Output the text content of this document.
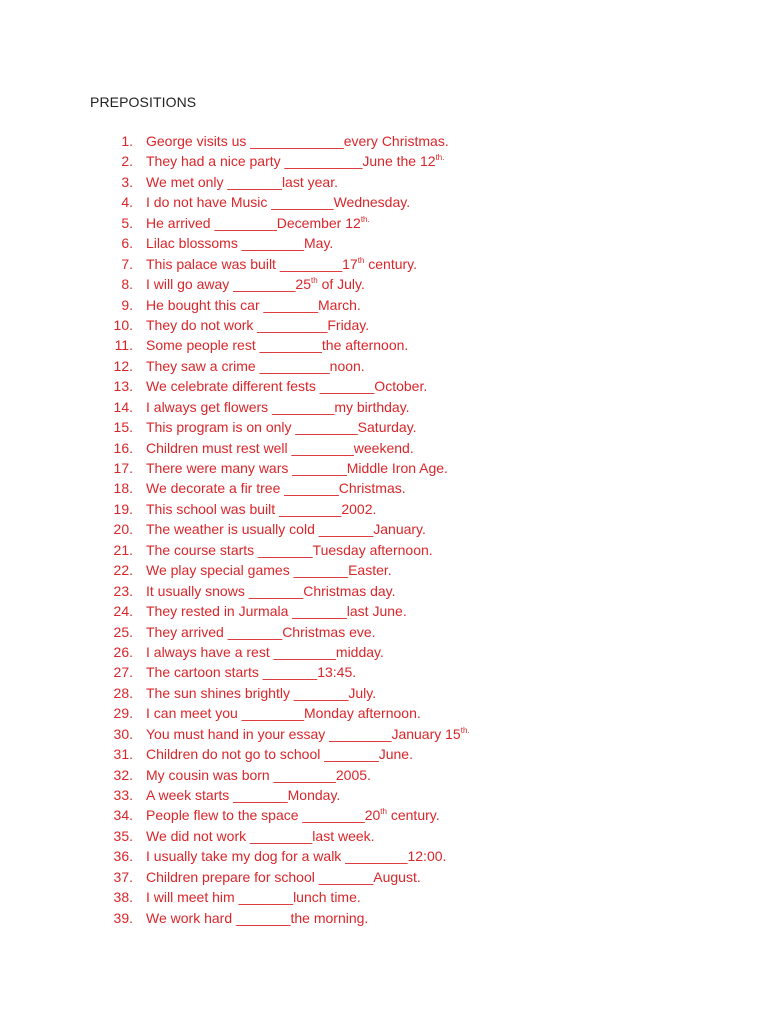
PREPOSITIONS
1. George visits us ____________every Christmas.
2. They had a nice party __________June the $12^{th.}$
3. We met only _______last year.
4. I do not have Music ________Wednesday.
5. He arrived ________December $12^{th.}$
6. Lilac blossoms ________May.
7. This palace was built ________17th century.
8. I will go away ________25th of July.
9. He bought this car _______March.
10. They do not work _________Friday.
11. Some people rest ________the afternoon.
12. They saw a crime _________noon.
13. We celebrate different fests _______October.
14. I always get flowers ________my birthday.
15. This program is on only ________Saturday.
16. Children must rest well ________weekend.
17. There were many wars _______Middle Iron Age.
18. We decorate a fir tree _______Christmas.
19. This school was built ________2002.
20. The weather is usually cold _______January.
21. The course starts _______Tuesday afternoon.
22. We play special games _______Easter.
23. It usually snows _______Christmas day.
24. They rested in Jurmala _______last June.
25. They arrived _______Christmas eve.
26. I always have a rest ________midday.
27. The cartoon starts _______13:45.
28. The sun shines brightly _______July.
29. I can meet you ________Monday afternoon.
30. You must hand in your essay ________January $15^{th.}$
31. Children do not go to school _______June.
32. My cousin was born ________2005.
33. A week starts _______Monday.
34. People flew to the space ________20th century.
35. We did not work ________last week.
36. I usually take my dog for a walk ________12:00.
37. Children prepare for school _______August.
38. I will meet him _______lunch time.
39. We work hard _______the morning.
